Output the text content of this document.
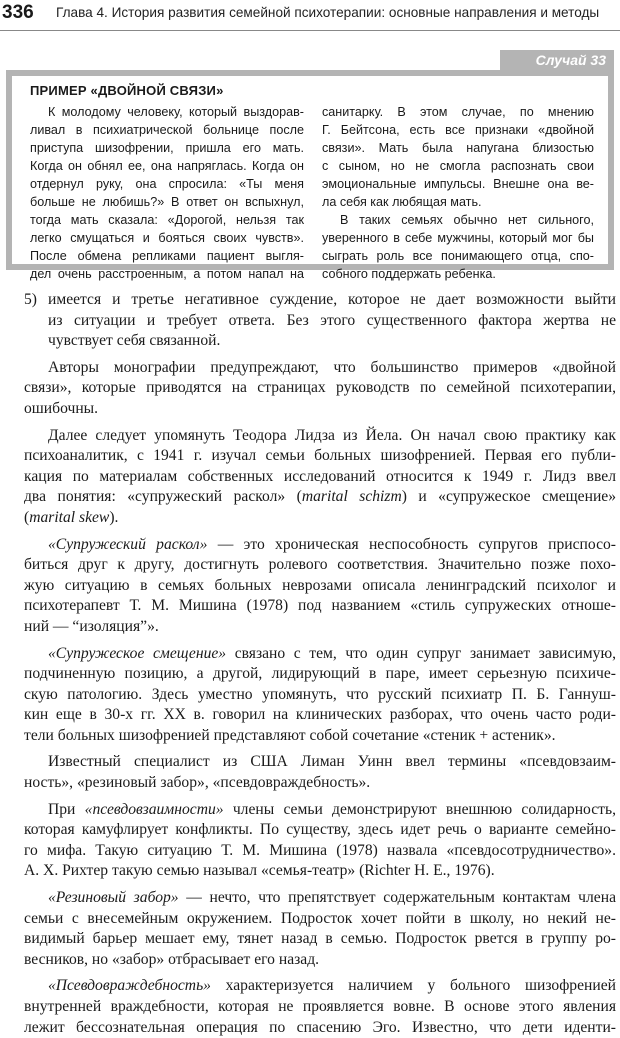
336 Глава 4. История развития семейной психотерапии: основные направления и методы
Случай 33
ПРИМЕР «ДВОЙНОЙ СВЯЗИ»
К молодому человеку, который выздорав-
ливал в психиатрической больнице после
приступа шизофрении, пришла его мать.
Когда он обнял ее, она напряглась. Когда он
отдернул руку, она спросила: «Ты меня
больше не любишь?» В ответ он вспыхнул,
тогда мать сказала: «Дорогой, нельзя так
легко смущаться и бояться своих чувств».
После обмена репликами пациент выгля-
дел очень расстроенным, а потом напал на
санитарку. В этом случае, по мнению
Г. Бейтсона, есть все признаки «двойной
связи». Мать была напугана близостью
с сыном, но не смогла распознать свои
эмоциональные импульсы. Внешне она ве-
ла себя как любящая мать.
В таких семьях обычно нет сильного,
уверенного в себе мужчины, который мог бы
сыграть роль все понимающего отца, спо-
собного поддержать ребенка.
5) имеется и третье негативное суждение, которое не дает возможности выйти
из ситуации и требует ответа. Без этого существенного фактора жертва не
чувствует себя связанной.
Авторы монографии предупреждают, что большинство примеров «двойной
связи», которые приводятся на страницах руководств по семейной психотерапии,
ошибочны.
Далее следует упомянуть Теодора Лидза из Йела. Он начал свою практику как
психоаналитик, с 1941 г. изучал семьи больных шизофренией. Первая его публи-
кация по материалам собственных исследований относится к 1949 г. Лидз ввел
два понятия: «супружеский раскол» (marital schizm) и «супружеское смещение»
(marital skew).
«Супружеский раскол» — это хроническая неспособность супругов приспосо-
биться друг к другу, достигнуть ролевого соответствия. Значительно позже похо-
жую ситуацию в семьях больных неврозами описала ленинградский психолог и
психотерапевт Т. М. Мишина (1978) под названием «стиль супружеских отноше-
ний — “изоляция”».
«Супружеское смещение» связано с тем, что один супруг занимает зависимую,
подчиненную позицию, а другой, лидирующий в паре, имеет серьезную психиче-
скую патологию. Здесь уместно упомянуть, что русский психиатр П. Б. Ганнуш-
кин еще в 30-х гг. XX в. говорил на клинических разборах, что очень часто роди-
тели больных шизофренией представляют собой сочетание «стеник + астеник».
Известный специалист из США Лиман Уинн ввел термины «псевдовзаим-
ность», «резиновый забор», «псевдовраждебность».
При «псевдовзаимности» члены семьи демонстрируют внешнюю солидарность,
которая камуфлирует конфликты. По существу, здесь идет речь о варианте семейно-
го мифа. Такую ситуацию Т. М. Мишина (1978) назвала «псевдосотрудничество».
А. Х. Рихтер такую семью называл «семья-театр» (Richter H. E., 1976).
«Резиновый забор» — нечто, что препятствует содержательным контактам члена
семьи с внесемейным окружением. Подросток хочет пойти в школу, но некий не-
видимый барьер мешает ему, тянет назад в семью. Подросток рвется в группу ро-
весников, но «забор» отбрасывает его назад.
«Псевдовраждебность» характеризуется наличием у больного шизофренией
внутренней враждебности, которая не проявляется вовне. В основе этого явления
лежит бессознательная операция по спасению Эго. Известно, что дети иденти-
